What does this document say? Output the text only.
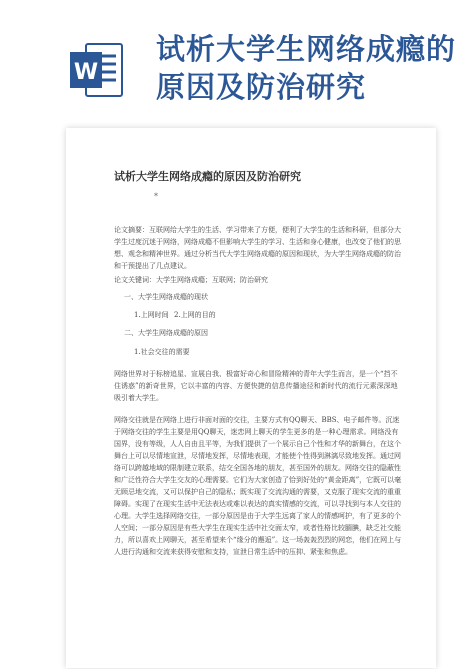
W
试析大学生网络成瘾的
原因及防治研究
试析大学生网络成瘾的原因及防治研究
*
论文摘要：互联网给大学生的生活、学习带来了方便，便利了大学生的生活和科研，但部分大学生过度沉迷于网络，网络成瘾不但影响大学生的学习、生活和身心健康，也改变了他们的思想、观念和精神世界。通过分析当代大学生网络成瘾的原因和现状，为大学生网络成瘾的防治和干预提出了几点建议。
论文关键词：大学生网络成瘾；互联网；防治研究
一、大学生网络成瘾的现状
1.上网时间 2.上网的目的
二、大学生网络成瘾的原因
1.社会交往的需要
网络世界对于标榜追星、宣展自我、极富好奇心和冒险精神的青年大学生而言，是一个“挡不住诱惑”的新奇世界，它以丰富的内容、方便快捷的信息传播途径和新时代的流行元素深深地吸引着大学生。
网络交往就是在网络上进行非面对面的交往，主要方式有QQ聊天、BBS、电子邮件等。沉迷于网络交往的学生主要是用QQ聊天，迷恋网上聊天的学生更多的是一种心理需求。网络没有国界，没有等级，人人自由且平等，为我们提供了一个展示自己个性和才华的新舞台，在这个舞台上可以尽情地宣泄，尽情地发挥，尽情地表现，才能使个性得到淋漓尽致地发挥。通过网络可以跨越地域的限制建立联系，结交全国各地的朋友，甚至国外的朋友。网络交往的隐蔽性和广泛性符合大学生交友的心理需要。它们为大家创造了恰到好处的“黄金距离”，它既可以毫无顾忌地交流，又可以保护自己的隐私；既实现了交流沟通的需要，又克服了现实交流的重重障碍。实现了在现实生活中无法表达或难以表达的真实情感的交流，可以寻找到与本人交往的心理。大学生选择网络交往，一部分原因是由于大学生远离了家人的情感呵护，有了更多的个人空间；一部分原因是有些大学生在现实生活中社交面太窄，或者性格比较腼腆，缺乏社交能力，所以喜欢上网聊天，甚至希望来个“缘分的邂逅”。这一场轰轰烈烈的网恋，他们在网上与人进行沟通和交流来获得安慰和支持，宣泄日常生活中的压抑、紧张和焦虑。
